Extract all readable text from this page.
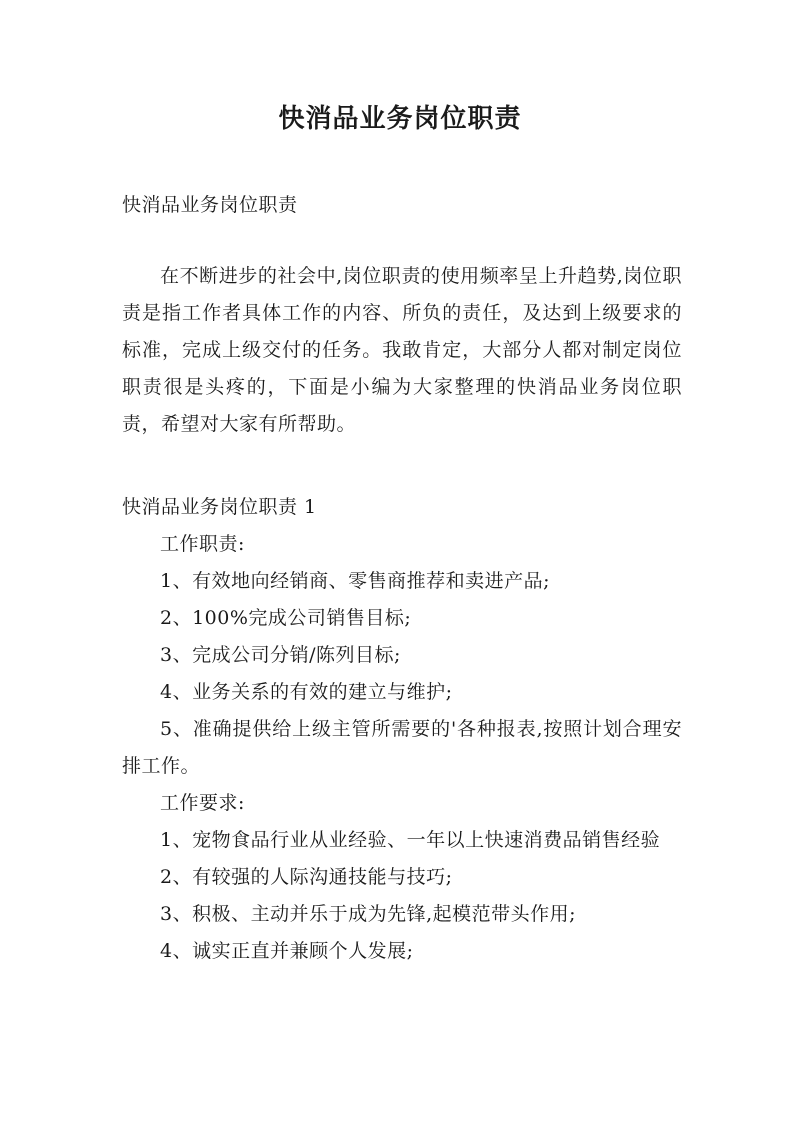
快消品业务岗位职责
快消品业务岗位职责
在不断进步的社会中,岗位职责的使用频率呈上升趋势,岗位职责是指工作者具体工作的内容、所负的责任，及达到上级要求的标准，完成上级交付的任务。我敢肯定，大部分人都对制定岗位职责很是头疼的，下面是小编为大家整理的快消品业务岗位职责，希望对大家有所帮助。
快消品业务岗位职责 1

工作职责:

1、有效地向经销商、零售商推荐和卖进产品;

2、100%完成公司销售目标;

3、完成公司分销/陈列目标;

4、业务关系的有效的建立与维护;

5、准确提供给上级主管所需要的'各种报表,按照计划合理安排工作。

工作要求:

1、宠物食品行业从业经验、一年以上快速消费品销售经验

2、有较强的人际沟通技能与技巧;

3、积极、主动并乐于成为先锋,起模范带头作用;

4、诚实正直并兼顾个人发展;
